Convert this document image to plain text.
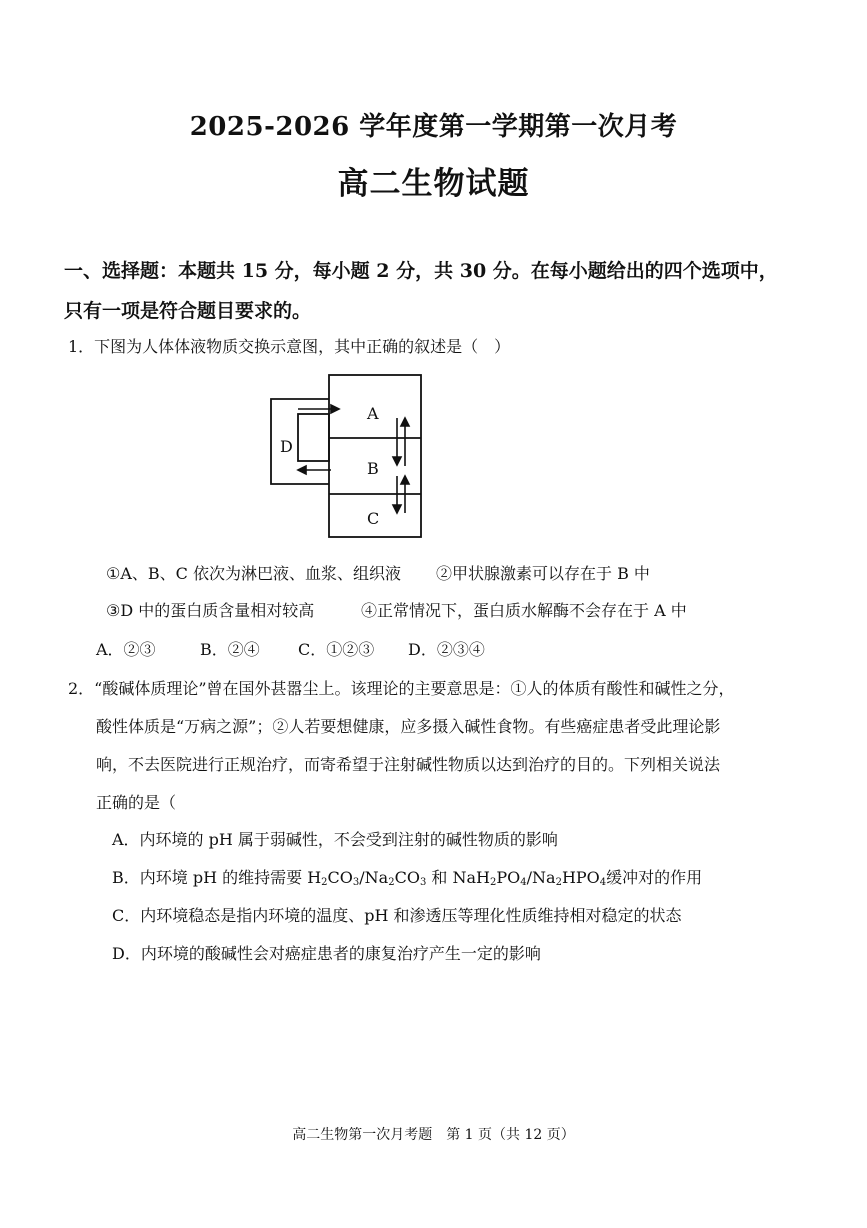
2025-2026 学年度第一学期第一次月考
高二生物试题
一、选择题：本题共 15 分，每小题 2 分，共 30 分。在每小题给出的四个选项中，
只有一项是符合题目要求的。
1．下图为人体体液物质交换示意图，其中正确的叙述是（　）
A
B
C
D
①A、B、C 依次为淋巴液、血浆、组织液 ②甲状腺激素可以存在于 B 中
③D 中的蛋白质含量相对较高	④正常情况下，蛋白质水解酶不会存在于 A 中
A．②③	B．②④ C．①②③ D．②③④
2．“酸碱体质理论”曾在国外甚嚣尘上。该理论的主要意思是：①人的体质有酸性和碱性之分，
酸性体质是“万病之源”；②人若要想健康，应多摄入碱性食物。有些癌症患者受此理论影
响，不去医院进行正规治疗，而寄希望于注射碱性物质以达到治疗的目的。下列相关说法
正确的是（
A．内环境的 pH 属于弱碱性，不会受到注射的碱性物质的影响
B．内环境 pH 的维持需要 $H_2CO_3/Na_2CO_3$ 和 $NaH_2PO_4/Na_2HPO_4$缓冲对的作用
C．内环境稳态是指内环境的温度、pH 和渗透压等理化性质维持相对稳定的状态
D．内环境的酸碱性会对癌症患者的康复治疗产生一定的影响
高二生物第一次月考题　第 1 页（共 12 页）
